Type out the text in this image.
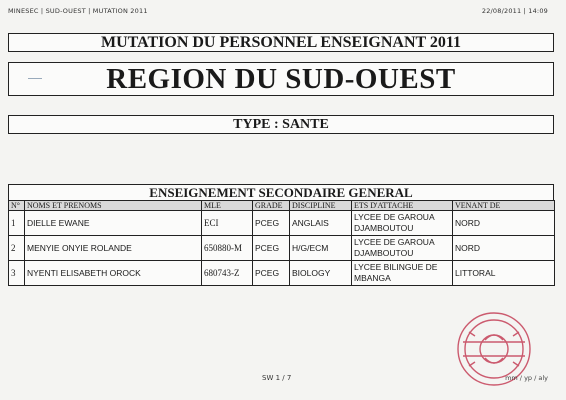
MINESEC | SUD-OUEST | MUTATION 2011	22/08/2011 | 14:09
MUTATION DU PERSONNEL ENSEIGNANT 2011
REGION DU SUD-OUEST
TYPE : SANTE
ENSEIGNEMENT SECONDAIRE GENERAL
N°	NOMS ET PRENOMS	MLE	GRADE	DISCIPLINE	ETS D'ATTACHE	VENANT DE
1	DIELLE EWANE	ECI	PCEG	ANGLAIS	LYCEE DE GAROUA DJAMBOUTOU	NORD
2	MENYIE ONYIE ROLANDE	650880-M	PCEG	H/G/ECM	LYCEE DE GAROUA DJAMBOUTOU	NORD
3	NYENTI ELISABETH OROCK	680743-Z	PCEG	BIOLOGY	LYCEE BILINGUE DE MBANGA	LITTORAL
SW 1 / 7	mm / yp / aly
